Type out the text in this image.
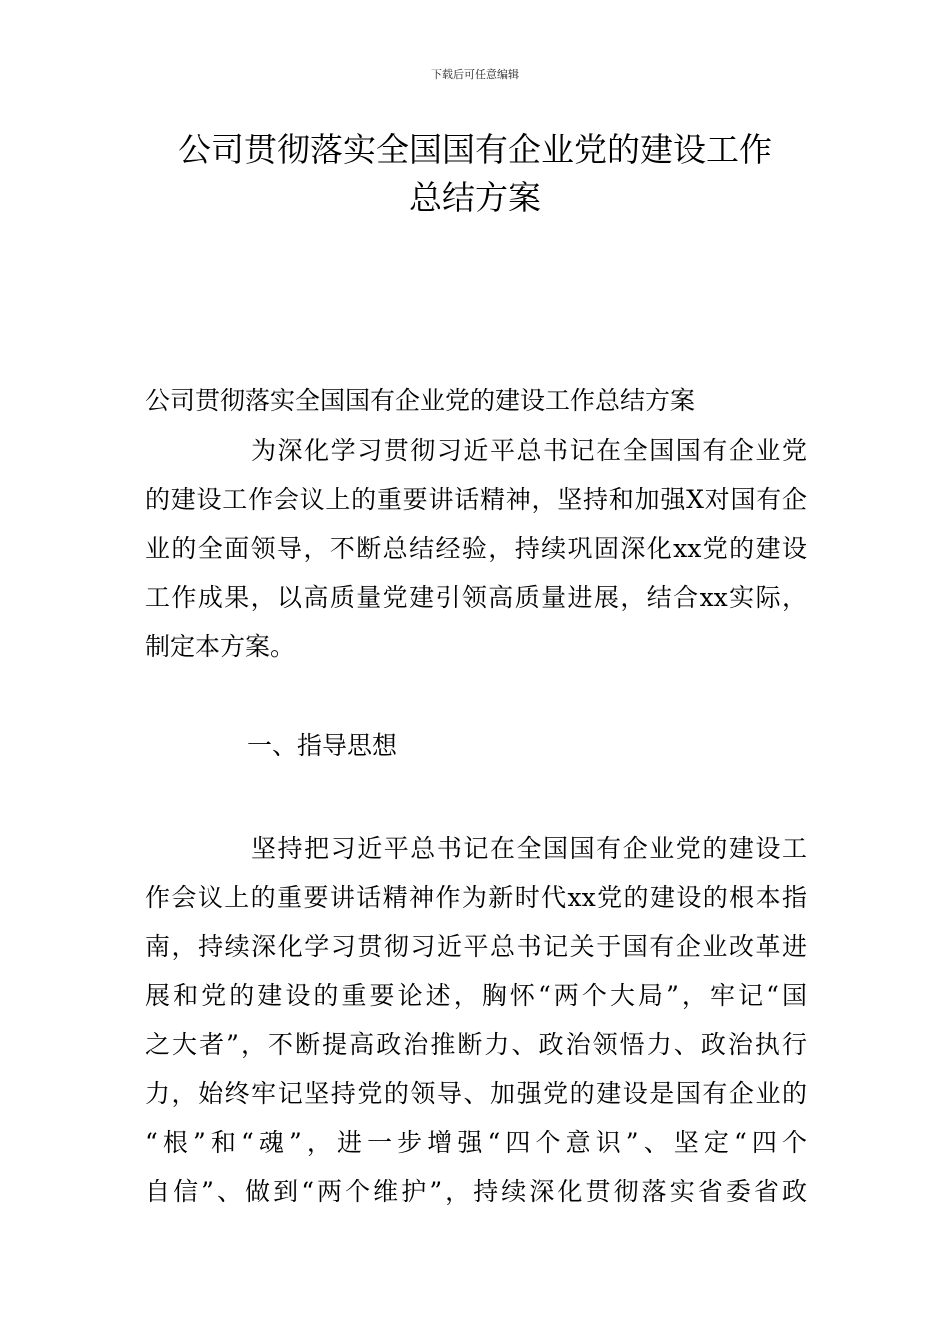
下载后可任意编辑
公司贯彻落实全国国有企业党的建设工作
总结方案

公司贯彻落实全国国有企业党的建设工作总结方案

为深化学习贯彻习近平总书记在全国国有企业党
的建设工作会议上的重要讲话精神，坚持和加强X对国有企
业的全面领导，不断总结经验，持续巩固深化xx党的建设
工作成果，以高质量党建引领高质量进展，结合xx实际，
制定本方案。

一、指导思想

坚持把习近平总书记在全国国有企业党的建设工
作会议上的重要讲话精神作为新时代xx党的建设的根本指
南，持续深化学习贯彻习近平总书记关于国有企业改革进
展和党的建设的重要论述，胸怀“两个大局”，牢记“国
之大者”，不断提高政治推断力、政治领悟力、政治执行
力，始终牢记坚持党的领导、加强党的建设是国有企业的
“根”和“魂”，进一步增强“四个意识”、坚定“四个
自信”、做到“两个维护”，持续深化贯彻落实省委省政
